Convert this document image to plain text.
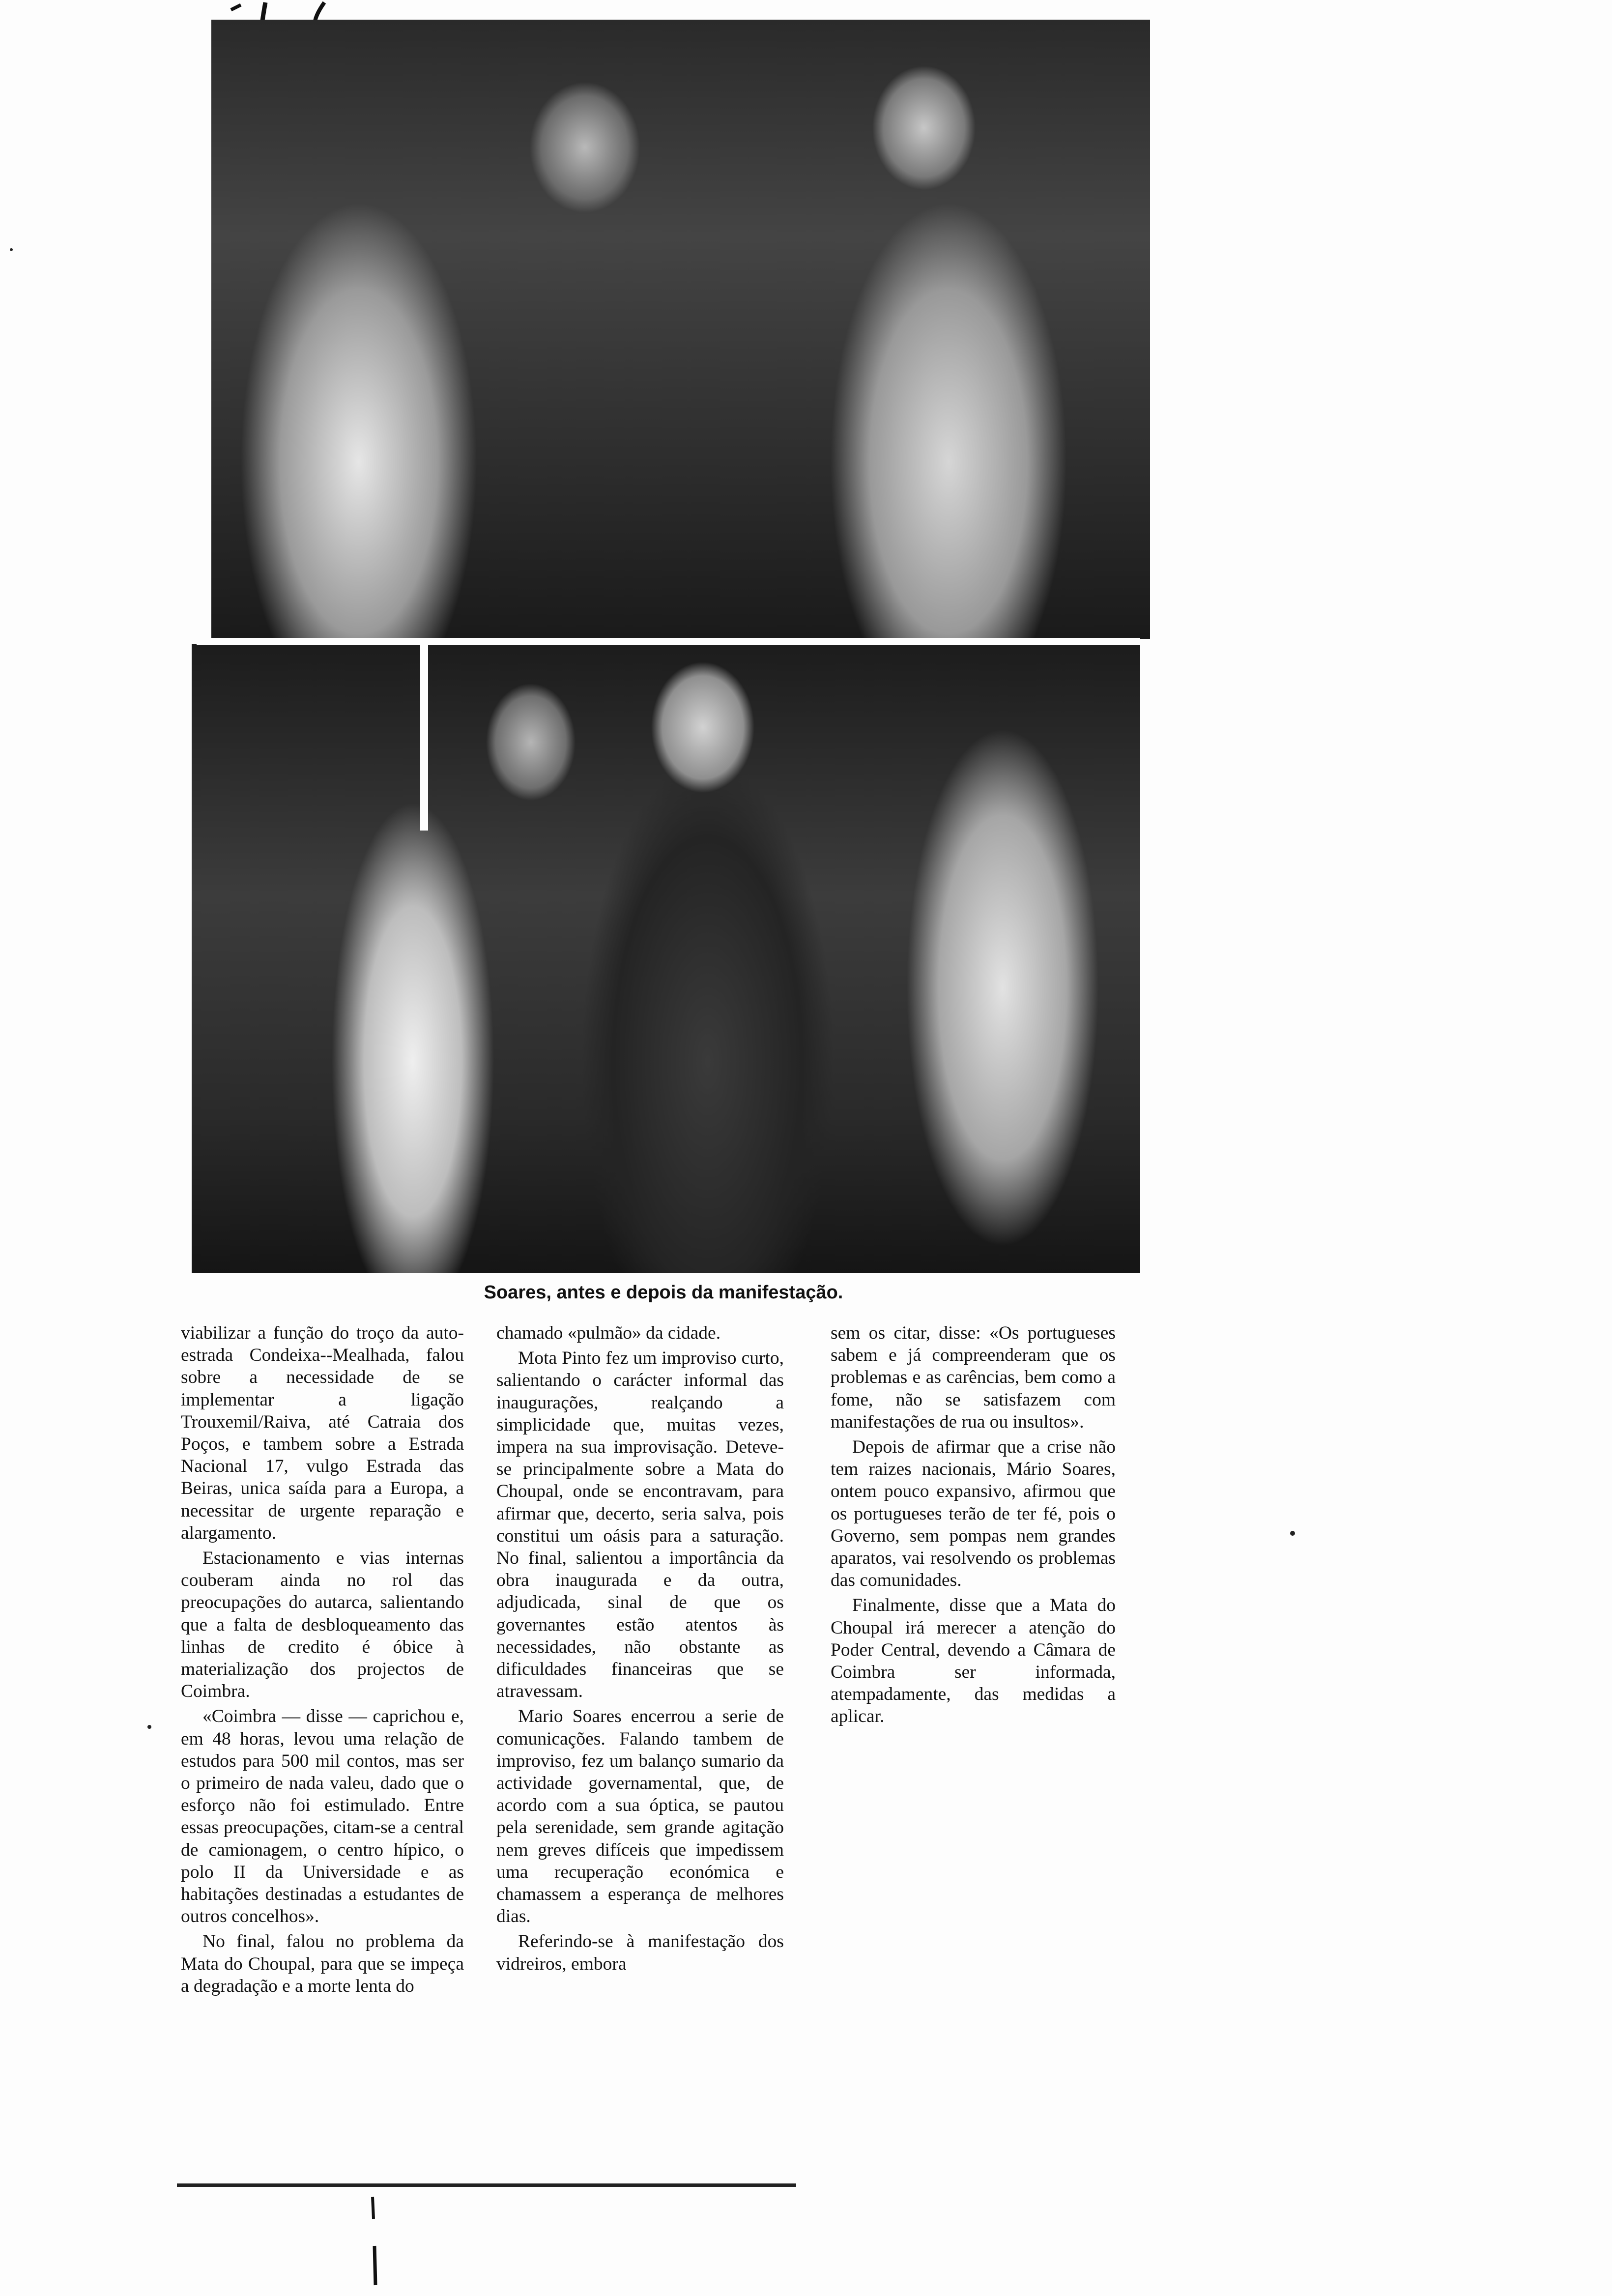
Soares, antes e depois da manifestação.

viabilizar a função do troço da auto-estrada Condeixa--Mealhada, falou sobre a necessidade de se implementar a ligação Trouxemil/Raiva, até Catraia dos Poços, e tambem sobre a Estrada Nacional 17, vulgo Estrada das Beiras, unica saída para a Europa, a necessitar de urgente reparação e alargamento.

Estacionamento e vias internas couberam ainda no rol das preocupações do autarca, salientando que a falta de desbloqueamento das linhas de credito é óbice à materialização dos projectos de Coimbra.

«Coimbra — disse — caprichou e, em 48 horas, levou uma relação de estudos para 500 mil contos, mas ser o primeiro de nada valeu, dado que o esforço não foi estimulado. Entre essas preocupações, citam-se a central de camionagem, o centro hípico, o polo II da Universidade e as habitações destinadas a estudantes de outros concelhos».

No final, falou no problema da Mata do Choupal, para que se impeça a degradação e a morte lenta do

chamado «pulmão» da cidade.

Mota Pinto fez um improviso curto, salientando o carácter informal das inaugurações, realçando a simplicidade que, muitas vezes, impera na sua improvisação. Deteve-se principalmente sobre a Mata do Choupal, onde se encontravam, para afirmar que, decerto, seria salva, pois constitui um oásis para a saturação. No final, salientou a importância da obra inaugurada e da outra, adjudicada, sinal de que os governantes estão atentos às necessidades, não obstante as dificuldades financeiras que se atravessam.

Mario Soares encerrou a serie de comunicações. Falando tambem de improviso, fez um balanço sumario da actividade governamental, que, de acordo com a sua óptica, se pautou pela serenidade, sem grande agitação nem greves difíceis que impedissem uma recuperação económica e chamassem a esperança de melhores dias.

Referindo-se à manifestação dos vidreiros, embora

sem os citar, disse: «Os portugueses sabem e já compreenderam que os problemas e as carências, bem como a fome, não se satisfazem com manifestações de rua ou insultos».

Depois de afirmar que a crise não tem raizes nacionais, Mário Soares, ontem pouco expansivo, afirmou que os portugueses terão de ter fé, pois o Governo, sem pompas nem grandes aparatos, vai resolvendo os problemas das comunidades.

Finalmente, disse que a Mata do Choupal irá merecer a atenção do Poder Central, devendo a Câmara de Coimbra ser informada, atempadamente, das medidas a aplicar.
